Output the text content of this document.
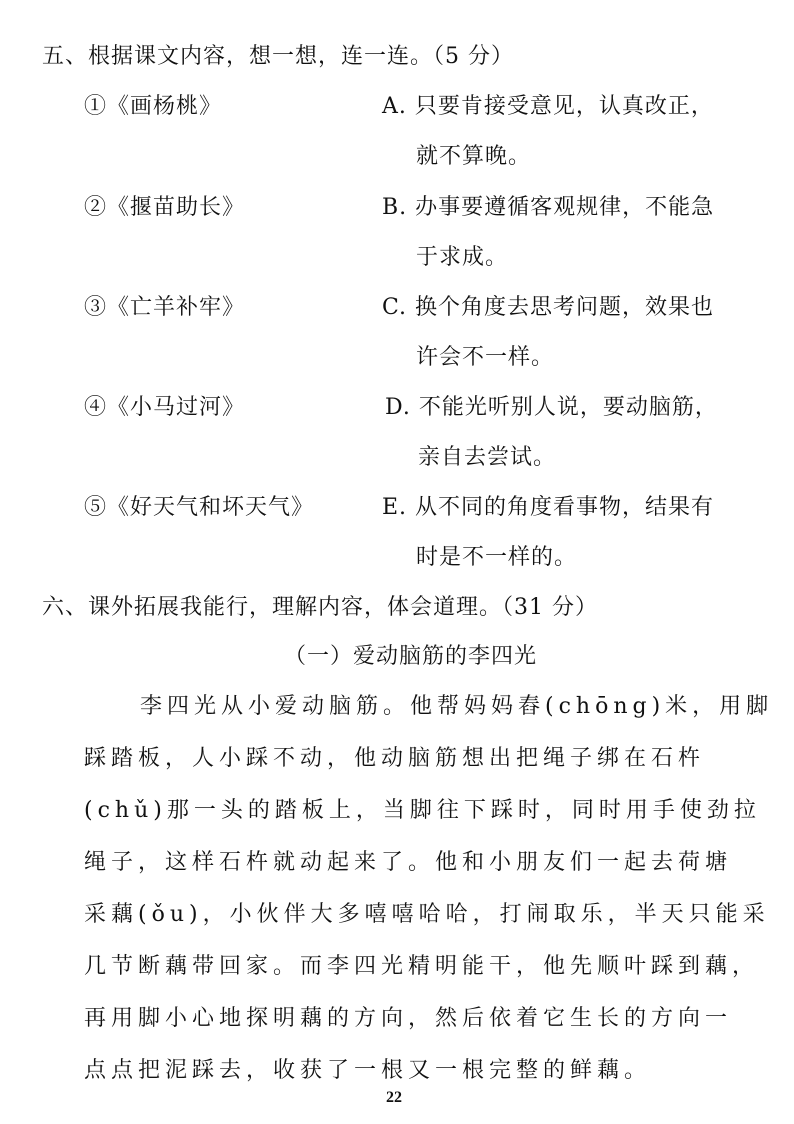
五、根据课文内容，想一想，连一连。（5 分）
①《画杨桃》	A. 只要肯接受意见，认真改正，
就不算晚。
②《揠苗助长》	B. 办事要遵循客观规律，不能急
于求成。
③《亡羊补牢》	C. 换个角度去思考问题，效果也
许会不一样。
④《小马过河》	D. 不能光听别人说，要动脑筋，
亲自去尝试。
⑤《好天气和坏天气》	E. 从不同的角度看事物，结果有
时是不一样的。
六、课外拓展我能行，理解内容，体会道理。（31 分）
（一）爱动脑筋的李四光
李四光从小爱动脑筋。他帮妈妈舂(chōng)米，用脚
踩踏板，人小踩不动，他动脑筋想出把绳子绑在石杵
(chǔ)那一头的踏板上，当脚往下踩时，同时用手使劲拉
绳子，这样石杵就动起来了。他和小朋友们一起去荷塘
采藕(ǒu)，小伙伴大多嘻嘻哈哈，打闹取乐，半天只能采
几节断藕带回家。而李四光精明能干，他先顺叶踩到藕，
再用脚小心地探明藕的方向，然后依着它生长的方向一
点点把泥踩去，收获了一根又一根完整的鲜藕。
22
